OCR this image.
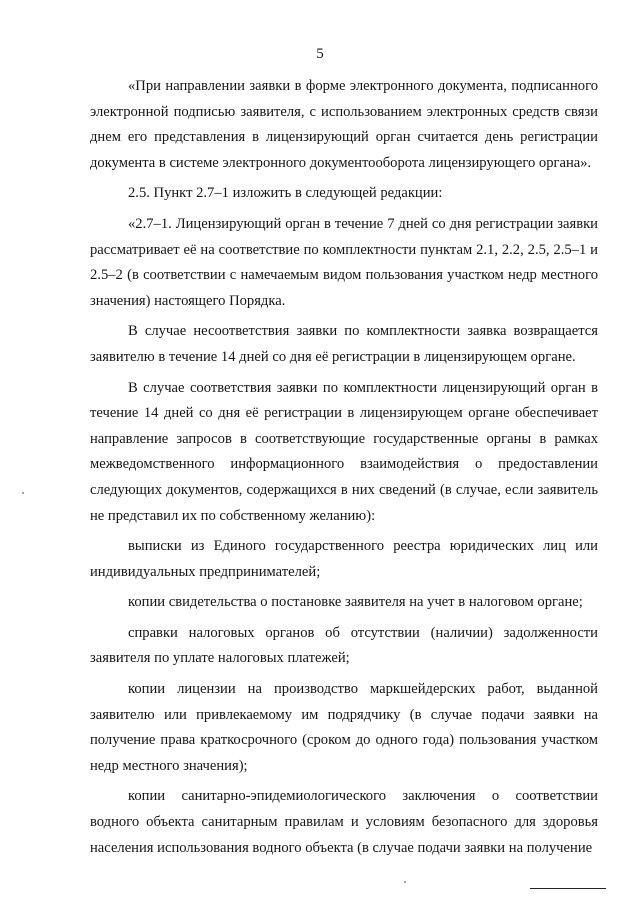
5

«При направлении заявки в форме электронного документа, подписанного электронной подписью заявителя, с использованием электронных средств связи днем его представления в лицензирующий орган считается день регистрации документа в системе электронного документооборота лицензирующего органа».

2.5. Пункт 2.7–1 изложить в следующей редакции:

«2.7–1. Лицензирующий орган в течение 7 дней со дня регистрации заявки рассматривает её на соответствие по комплектности пунктам 2.1, 2.2, 2.5, 2.5–1 и 2.5–2 (в соответствии с намечаемым видом пользования участком недр местного значения) настоящего Порядка.

В случае несоответствия заявки по комплектности заявка возвращается заявителю в течение 14 дней со дня её регистрации в лицензирующем органе.

В случае соответствия заявки по комплектности лицензирующий орган в течение 14 дней со дня её регистрации в лицензирующем органе обеспечивает направление запросов в соответствующие государственные органы в рамках межведомственного информационного взаимодействия о предоставлении следующих документов, содержащихся в них сведений (в случае, если заявитель не представил их по собственному желанию):

выписки из Единого государственного реестра юридических лиц или индивидуальных предпринимателей;

копии свидетельства о постановке заявителя на учет в налоговом органе;

справки налоговых органов об отсутствии (наличии) задолженности заявителя по уплате налоговых платежей;

копии лицензии на производство маркшейдерских работ, выданной заявителю или привлекаемому им подрядчику (в случае подачи заявки на получение права краткосрочного (сроком до одного года) пользования участком недр местного значения);

копии санитарно-эпидемиологического заключения о соответствии водного объекта санитарным правилам и условиям безопасного для здоровья населения использования водного объекта (в случае подачи заявки на получение
